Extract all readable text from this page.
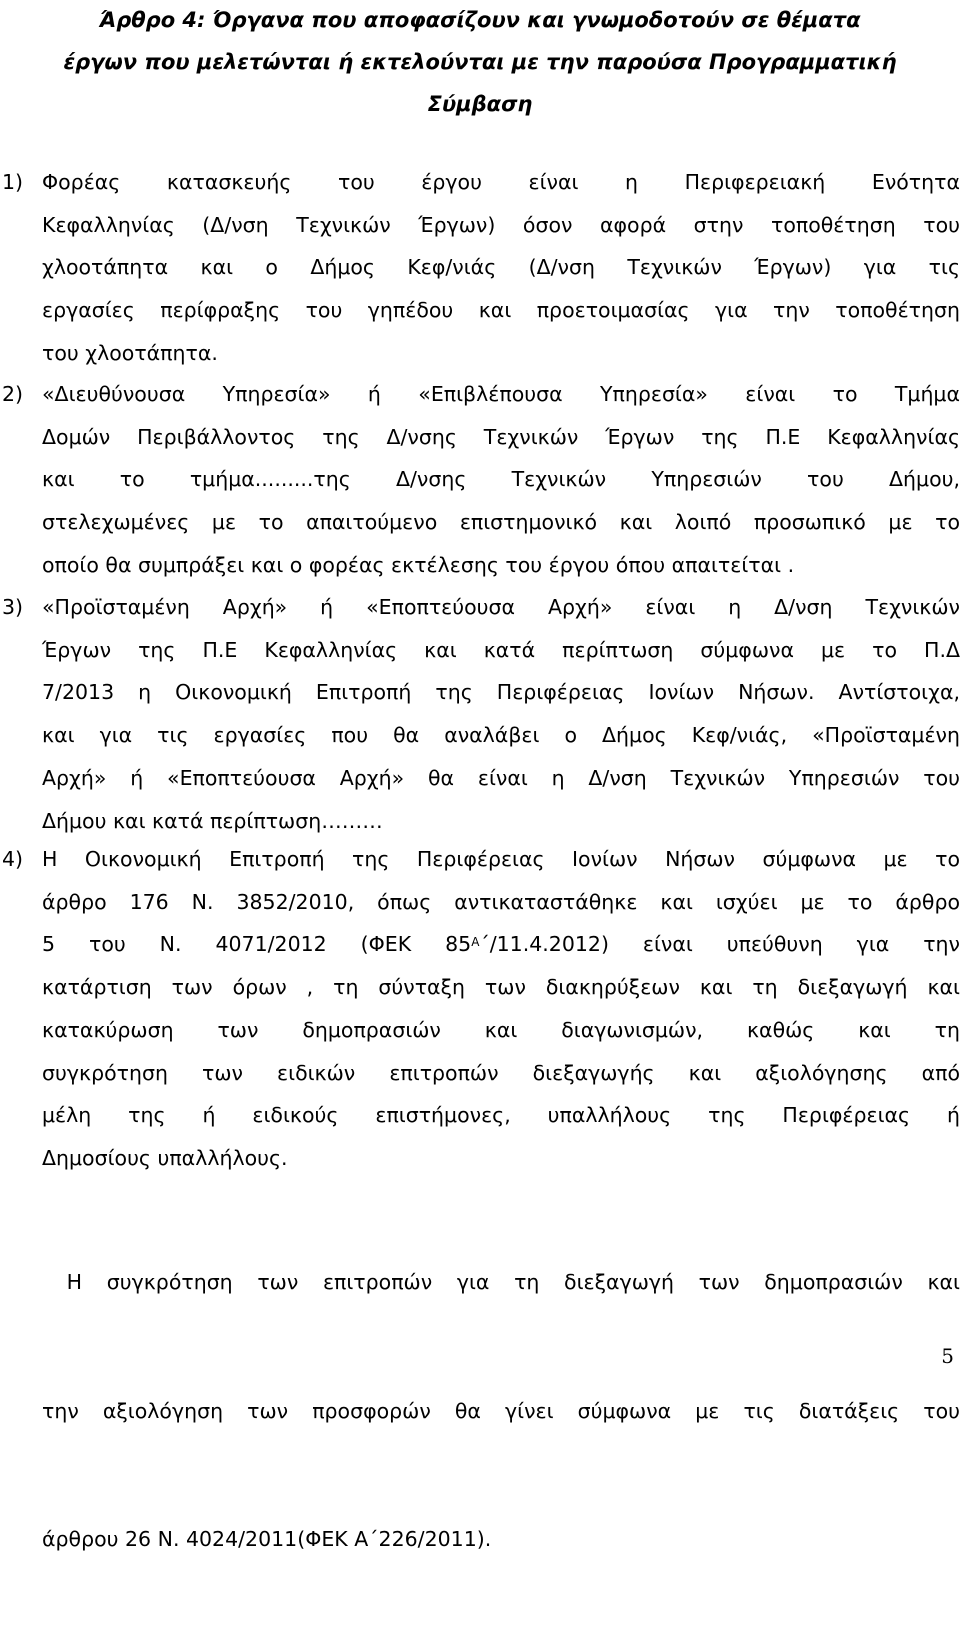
Άρθρο 4: Όργανα που αποφασίζουν και γνωμοδοτούν σε θέματα
έργων που μελετώνται ή εκτελούνται με την παρούσα Προγραμματική
Σύμβαση
1) Φορέας κατασκευής του έργου είναι η Περιφερειακή Ενότητα
Κεφαλληνίας (Δ/νση Τεχνικών Έργων) όσον αφορά στην τοποθέτηση του
χλοοτάπητα και ο Δήμος Κεφ/νιάς (Δ/νση Τεχνικών Έργων) για τις
εργασίες περίφραξης του γηπέδου και προετοιμασίας για την τοποθέτηση
του χλοοτάπητα.
2) «Διευθύνουσα Υπηρεσία» ή «Επιβλέπουσα Υπηρεσία» είναι το Τμήμα
Δομών Περιβάλλοντος της Δ/νσης Τεχνικών Έργων της Π.Ε Κεφαλληνίας
και το τμήμα.........της Δ/νσης Τεχνικών Υπηρεσιών του Δήμου,
στελεχωμένες με το απαιτούμενο επιστημονικό και λοιπό προσωπικό με το
οποίο θα συμπράξει και ο φορέας εκτέλεσης του έργου όπου απαιτείται .
3) «Προϊσταμένη Αρχή» ή «Εποπτεύουσα Αρχή» είναι η Δ/νση Τεχνικών
Έργων της Π.Ε Κεφαλληνίας και κατά περίπτωση σύμφωνα με το Π.Δ
7/2013 η Οικονομική Επιτροπή της Περιφέρειας Ιονίων Νήσων. Αντίστοιχα,
και για τις εργασίες που θα αναλάβει ο Δήμος Κεφ/νιάς, «Προϊσταμένη
Αρχή» ή «Εποπτεύουσα Αρχή» θα είναι η Δ/νση Τεχνικών Υπηρεσιών του
Δήμου και κατά περίπτωση………
4) Η Οικονομική Επιτροπή της Περιφέρειας Ιονίων Νήσων σύμφωνα με το
άρθρο 176 Ν. 3852/2010, όπως αντικαταστάθηκε και ισχύει με το άρθρο
5 του Ν. 4071/2012 (ΦΕΚ $85^A΄/11.4.2012$) είναι υπεύθυνη για την
κατάρτιση των όρων , τη σύνταξη των διακηρύξεων και τη διεξαγωγή και
κατακύρωση των δημοπρασιών και διαγωνισμών, καθώς και τη
συγκρότηση των ειδικών επιτροπών διεξαγωγής και αξιολόγησης από
μέλη της ή ειδικούς επιστήμονες, υπαλλήλους της Περιφέρειας ή
Δημοσίους υπαλλήλους.

Η συγκρότηση των επιτροπών για τη διεξαγωγή των δημοπρασιών και

την αξιολόγηση των προσφορών θα γίνει σύμφωνα με τις διατάξεις του

άρθρου 26 Ν. 4024/2011(ΦΕΚ Α΄226/2011).

5
